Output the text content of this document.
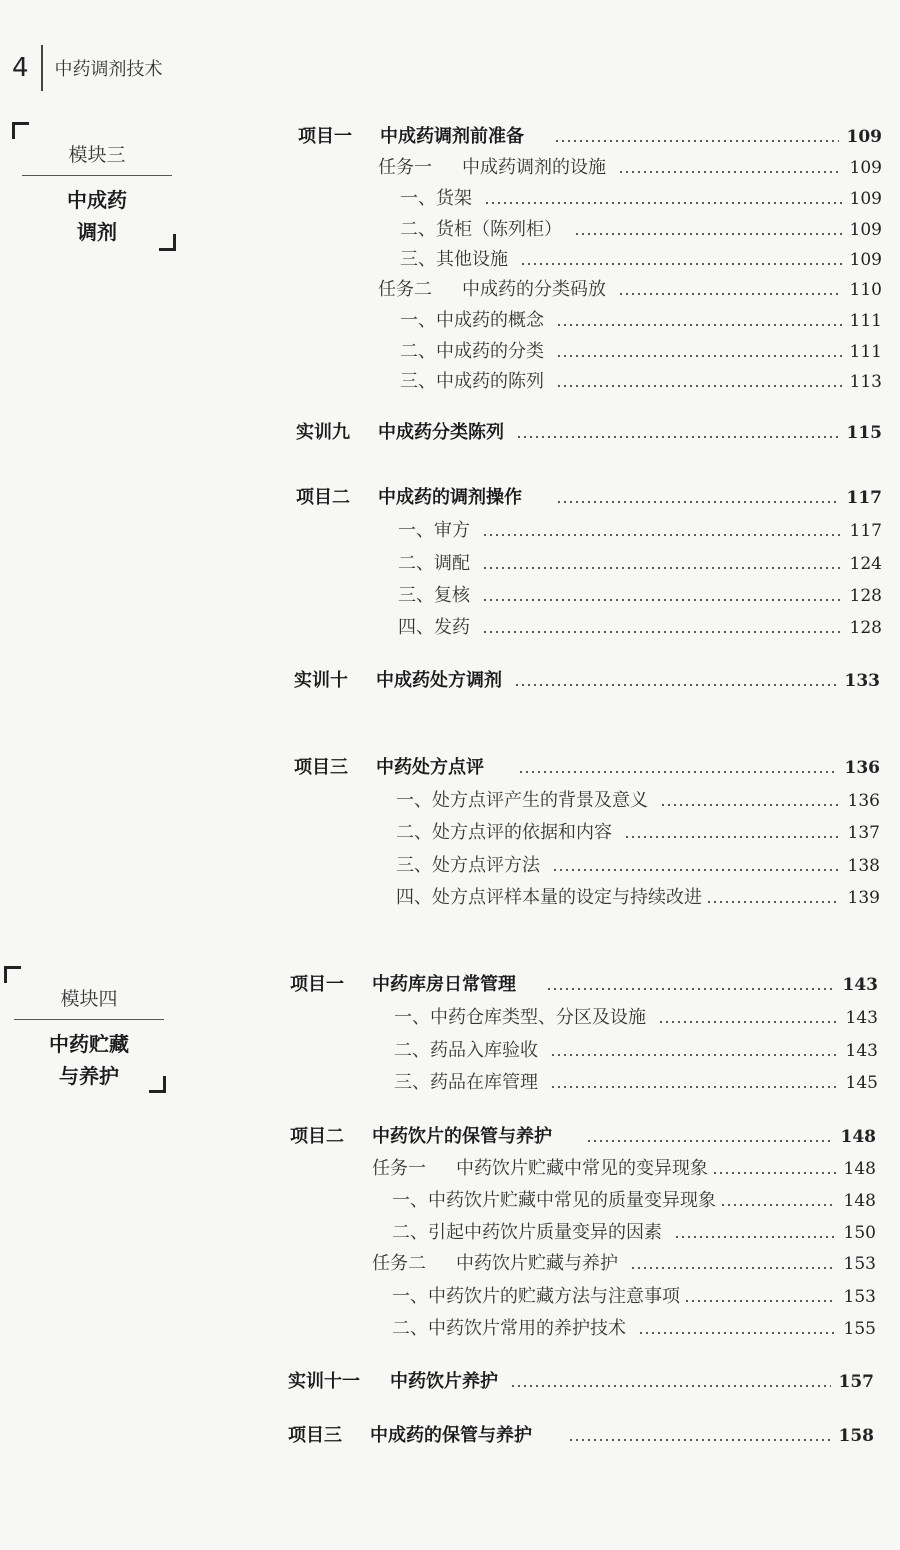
4 中药调剂技术
模块三
中成药
调剂
模块四
中药贮藏
与养护
项目一	中成药调剂前准备	109
任务一	中成药调剂的设施	109
一、货架	109
二、货柜（陈列柜）	109
三、其他设施	109
任务二	中成药的分类码放	110
一、中成药的概念	111
二、中成药的分类	111
三、中成药的陈列	113
实训九	中成药分类陈列	115
项目二	中成药的调剂操作	117
一、审方	117
二、调配	124
三、复核	128
四、发药	128
实训十	中成药处方调剂	133
项目三	中药处方点评	136
一、处方点评产生的背景及意义	136
二、处方点评的依据和内容	137
三、处方点评方法	138
四、处方点评样本量的设定与持续改进	139
项目一	中药库房日常管理	143
一、中药仓库类型、分区及设施	143
二、药品入库验收	143
三、药品在库管理	145
项目二	中药饮片的保管与养护	148
任务一	中药饮片贮藏中常见的变异现象	148
一、中药饮片贮藏中常见的质量变异现象	148
二、引起中药饮片质量变异的因素	150
任务二	中药饮片贮藏与养护	153
一、中药饮片的贮藏方法与注意事项	153
二、中药饮片常用的养护技术	155
实训十一	中药饮片养护	157
项目三	中成药的保管与养护	158
